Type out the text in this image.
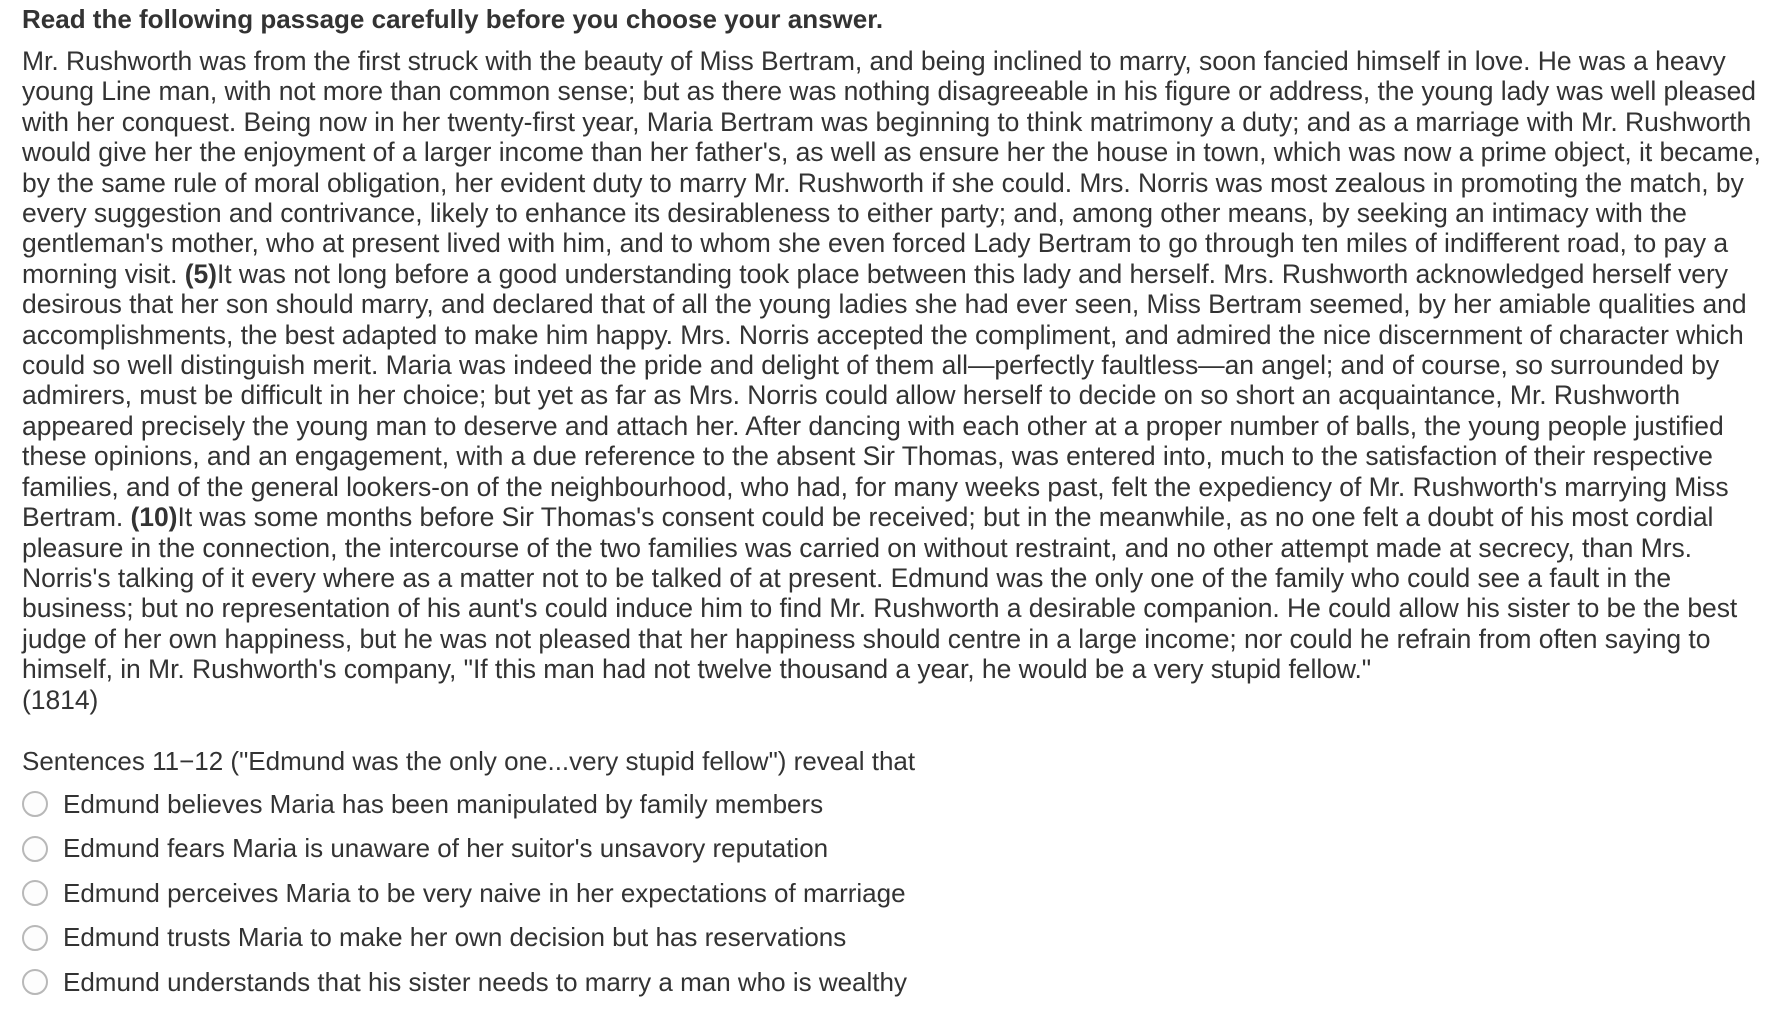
Read the following passage carefully before you choose your answer.
Mr. Rushworth was from the first struck with the beauty of Miss Bertram, and being inclined to marry, soon fancied himself in love. He was a heavy young Line man, with not more than common sense; but as there was nothing disagreeable in his figure or address, the young lady was well pleased with her conquest. Being now in her twenty-first year, Maria Bertram was beginning to think matrimony a duty; and as a marriage with Mr. Rushworth would give her the enjoyment of a larger income than her father's, as well as ensure her the house in town, which was now a prime object, it became, by the same rule of moral obligation, her evident duty to marry Mr. Rushworth if she could. Mrs. Norris was most zealous in promoting the match, by every suggestion and contrivance, likely to enhance its desirableness to either party; and, among other means, by seeking an intimacy with the gentleman's mother, who at present lived with him, and to whom she even forced Lady Bertram to go through ten miles of indifferent road, to pay a morning visit. (5)It was not long before a good understanding took place between this lady and herself. Mrs. Rushworth acknowledged herself very desirous that her son should marry, and declared that of all the young ladies she had ever seen, Miss Bertram seemed, by her amiable qualities and accomplishments, the best adapted to make him happy. Mrs. Norris accepted the compliment, and admired the nice discernment of character which could so well distinguish merit. Maria was indeed the pride and delight of them all—perfectly faultless—an angel; and of course, so surrounded by admirers, must be difficult in her choice; but yet as far as Mrs. Norris could allow herself to decide on so short an acquaintance, Mr. Rushworth appeared precisely the young man to deserve and attach her. After dancing with each other at a proper number of balls, the young people justified these opinions, and an engagement, with a due reference to the absent Sir Thomas, was entered into, much to the satisfaction of their respective families, and of the general lookers-on of the neighbourhood, who had, for many weeks past, felt the expediency of Mr. Rushworth's marrying Miss Bertram. (10)It was some months before Sir Thomas's consent could be received; but in the meanwhile, as no one felt a doubt of his most cordial pleasure in the connection, the intercourse of the two families was carried on without restraint, and no other attempt made at secrecy, than Mrs. Norris's talking of it every where as a matter not to be talked of at present. Edmund was the only one of the family who could see a fault in the business; but no representation of his aunt's could induce him to find Mr. Rushworth a desirable companion. He could allow his sister to be the best judge of her own happiness, but he was not pleased that her happiness should centre in a large income; nor could he refrain from often saying to himself, in Mr. Rushworth's company, "If this man had not twelve thousand a year, he would be a very stupid fellow."
(1814)
Sentences 11−12 ("Edmund was the only one...very stupid fellow") reveal that
Edmund believes Maria has been manipulated by family members
Edmund fears Maria is unaware of her suitor's unsavory reputation
Edmund perceives Maria to be very naive in her expectations of marriage
Edmund trusts Maria to make her own decision but has reservations
Edmund understands that his sister needs to marry a man who is wealthy
